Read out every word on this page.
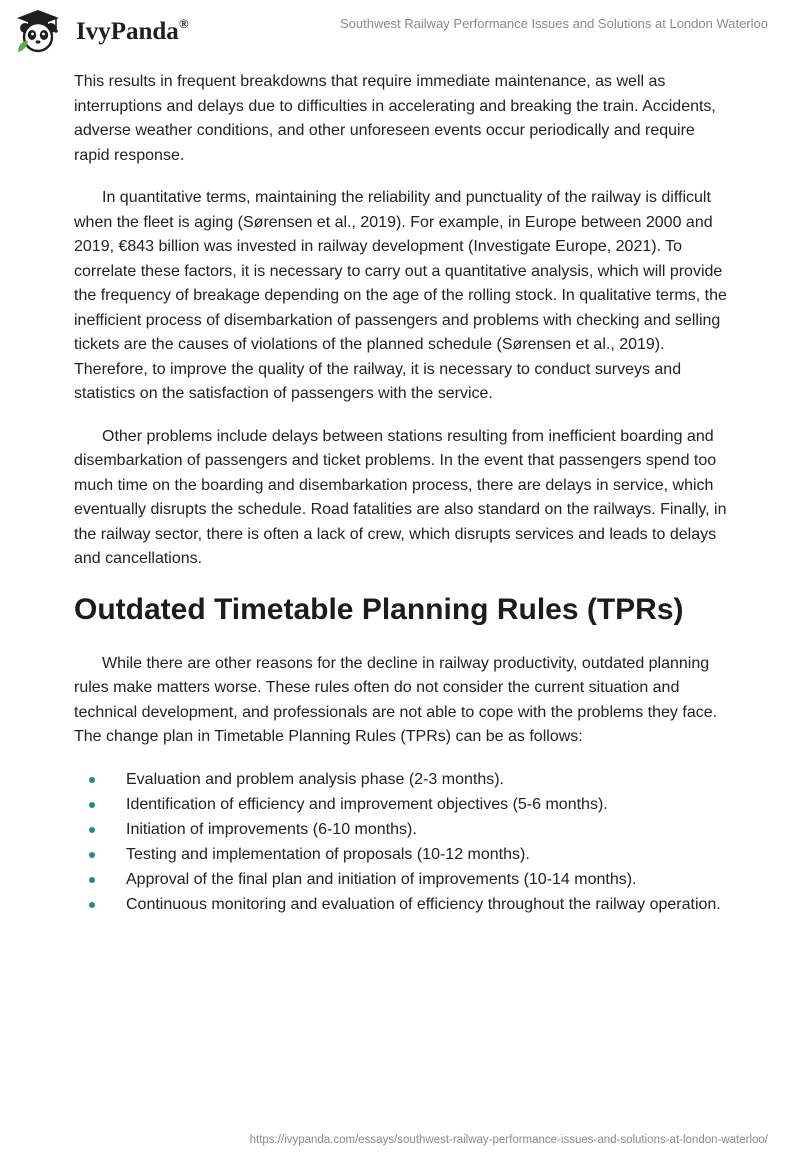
IvyPanda®	Southwest Railway Performance Issues and Solutions at London Waterloo

This results in frequent breakdowns that require immediate maintenance, as well as interruptions and delays due to difficulties in accelerating and breaking the train. Accidents, adverse weather conditions, and other unforeseen events occur periodically and require rapid response.

In quantitative terms, maintaining the reliability and punctuality of the railway is difficult when the fleet is aging (Sørensen et al., 2019). For example, in Europe between 2000 and 2019, €843 billion was invested in railway development (Investigate Europe, 2021). To correlate these factors, it is necessary to carry out a quantitative analysis, which will provide the frequency of breakage depending on the age of the rolling stock. In qualitative terms, the inefficient process of disembarkation of passengers and problems with checking and selling tickets are the causes of violations of the planned schedule (Sørensen et al., 2019). Therefore, to improve the quality of the railway, it is necessary to conduct surveys and statistics on the satisfaction of passengers with the service.

Other problems include delays between stations resulting from inefficient boarding and disembarkation of passengers and ticket problems. In the event that passengers spend too much time on the boarding and disembarkation process, there are delays in service, which eventually disrupts the schedule. Road fatalities are also standard on the railways. Finally, in the railway sector, there is often a lack of crew, which disrupts services and leads to delays and cancellations.

Outdated Timetable Planning Rules (TPRs)

While there are other reasons for the decline in railway productivity, outdated planning rules make matters worse. These rules often do not consider the current situation and technical development, and professionals are not able to cope with the problems they face. The change plan in Timetable Planning Rules (TPRs) can be as follows:

Evaluation and problem analysis phase (2-3 months).
Identification of efficiency and improvement objectives (5-6 months).
Initiation of improvements (6-10 months).
Testing and implementation of proposals (10-12 months).
Approval of the final plan and initiation of improvements (10-14 months).
Continuous monitoring and evaluation of efficiency throughout the railway operation.
https://ivypanda.com/essays/southwest-railway-performance-issues-and-solutions-at-london-waterloo/
